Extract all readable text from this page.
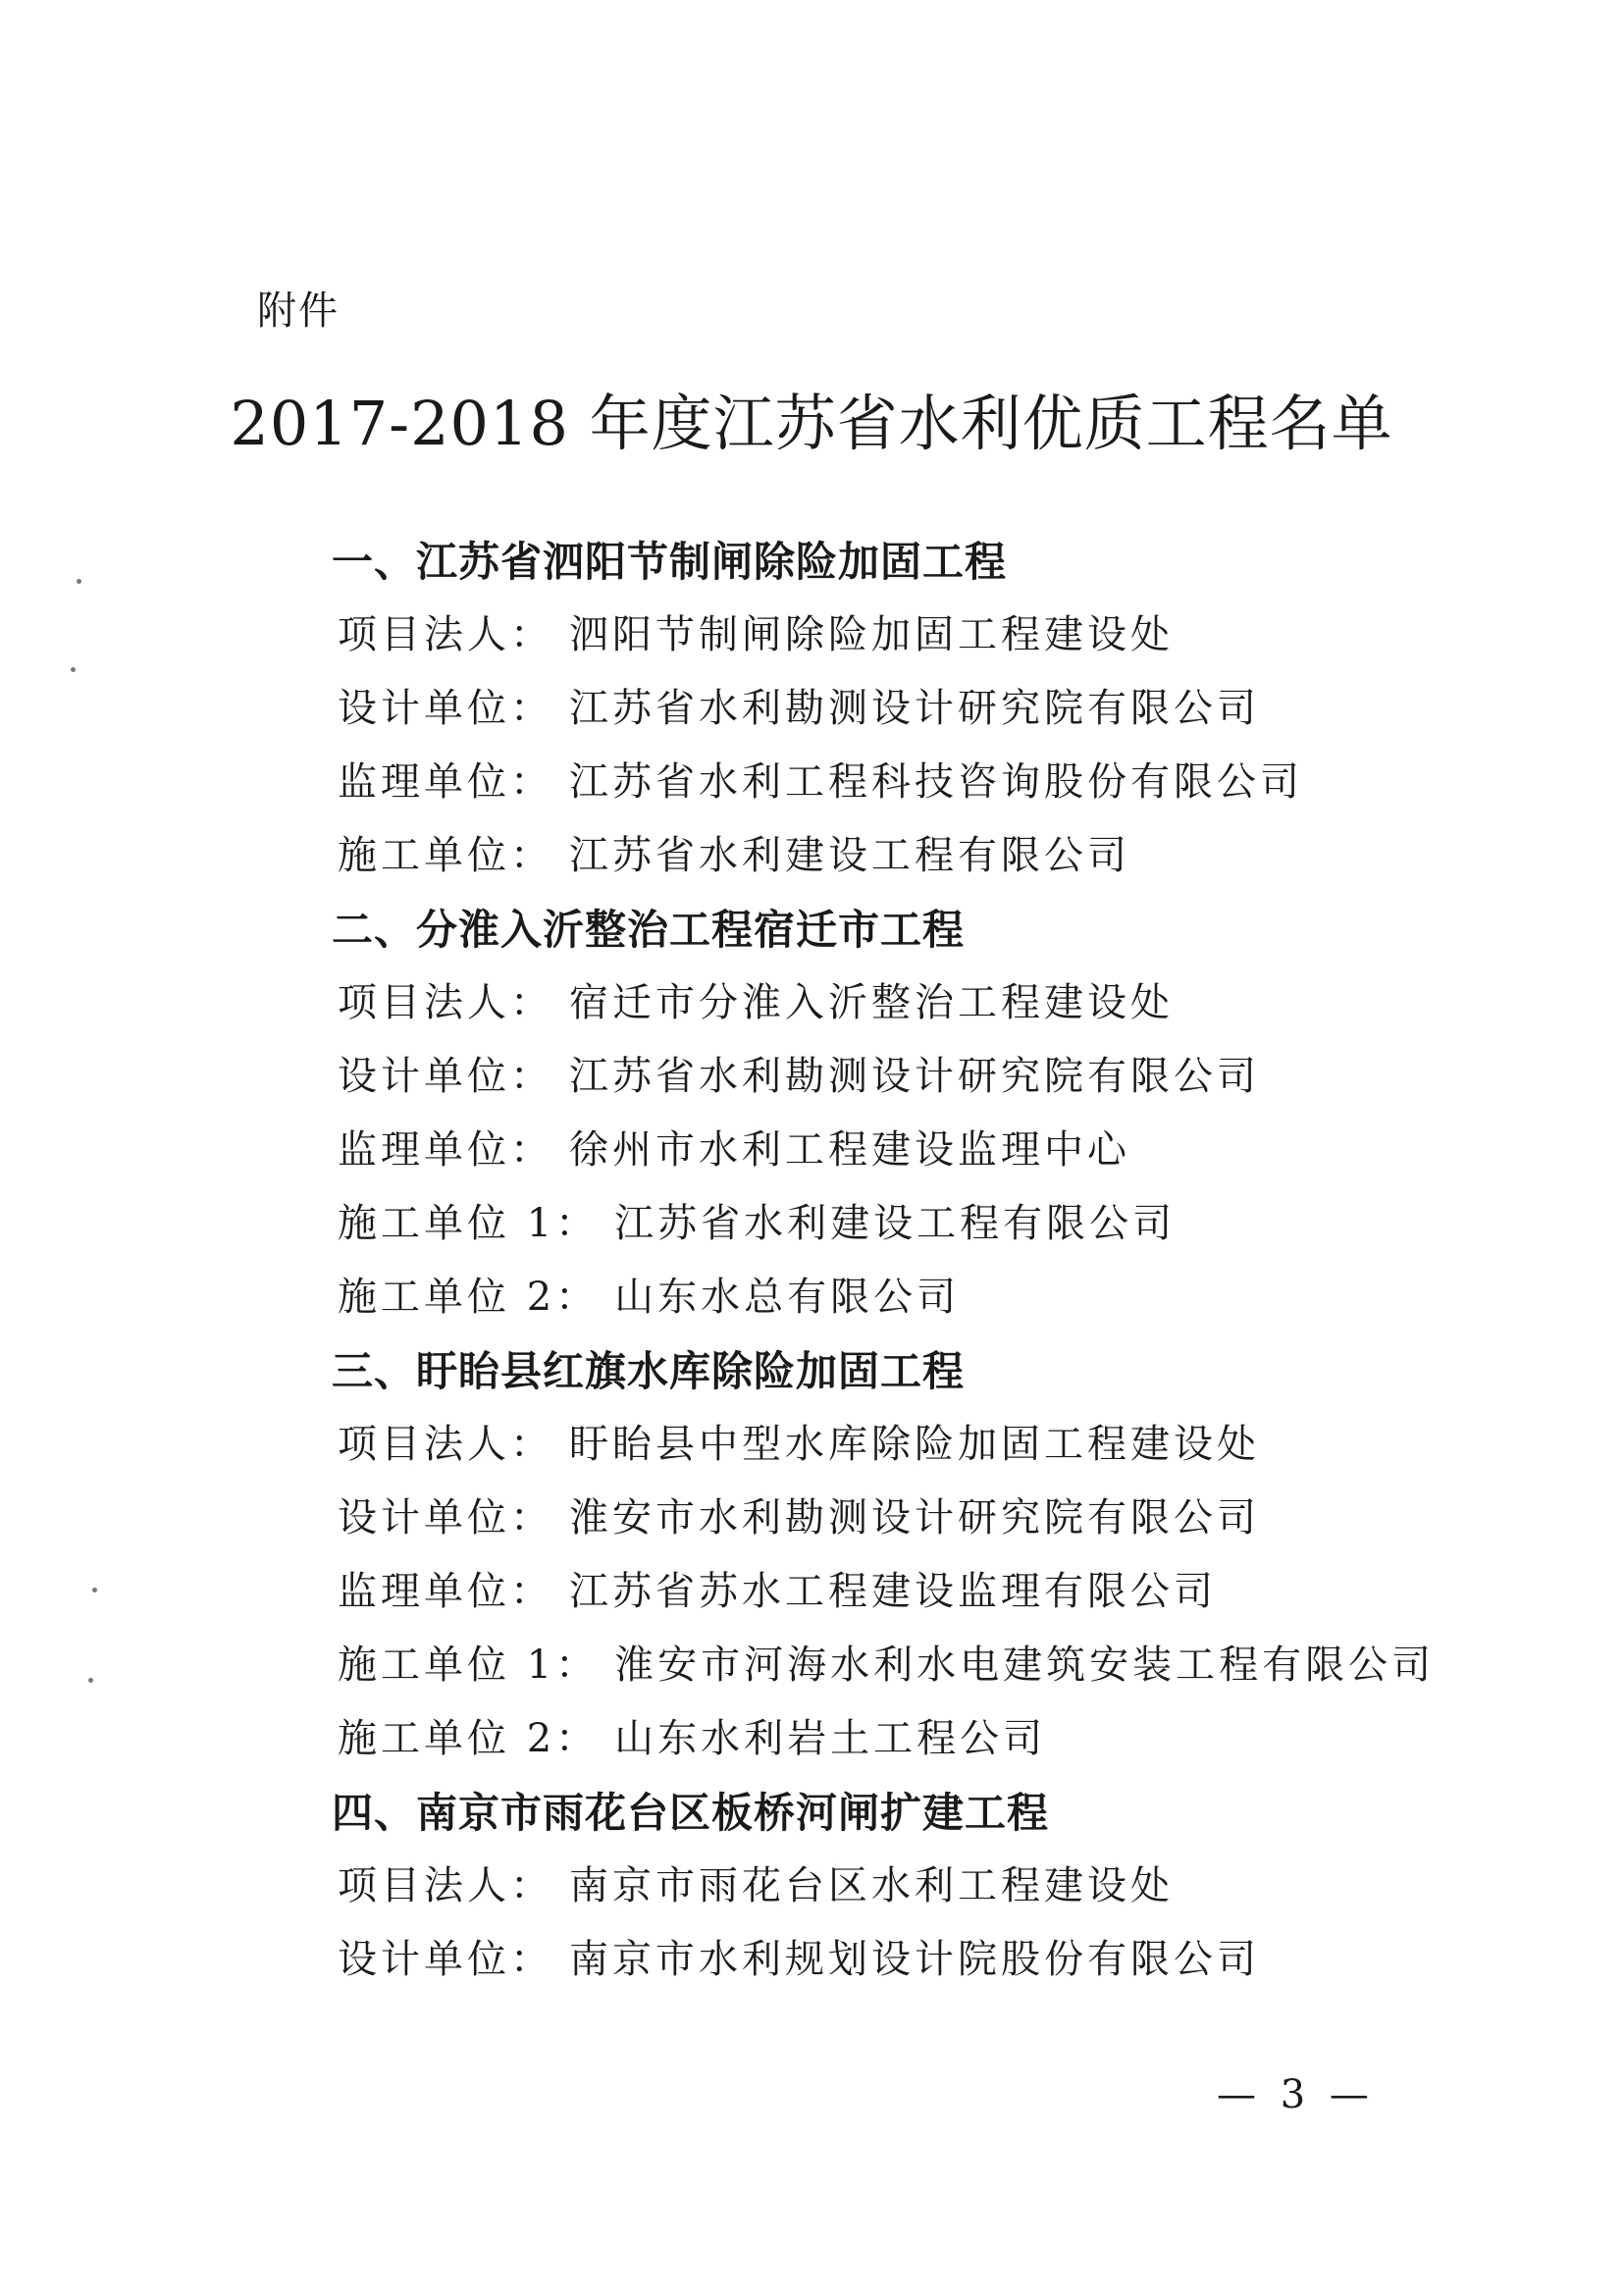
附件
2017-2018 年度江苏省水利优质工程名单
一、江苏省泗阳节制闸除险加固工程
项目法人： 泗阳节制闸除险加固工程建设处
设计单位： 江苏省水利勘测设计研究院有限公司
监理单位： 江苏省水利工程科技咨询股份有限公司
施工单位： 江苏省水利建设工程有限公司
二、分淮入沂整治工程宿迁市工程
项目法人： 宿迁市分淮入沂整治工程建设处
设计单位： 江苏省水利勘测设计研究院有限公司
监理单位： 徐州市水利工程建设监理中心
施工单位 1： 江苏省水利建设工程有限公司
施工单位 2： 山东水总有限公司
三、盱眙县红旗水库除险加固工程
项目法人： 盱眙县中型水库除险加固工程建设处
设计单位： 淮安市水利勘测设计研究院有限公司
监理单位： 江苏省苏水工程建设监理有限公司
施工单位 1： 淮安市河海水利水电建筑安装工程有限公司
施工单位 2： 山东水利岩土工程公司
四、南京市雨花台区板桥河闸扩建工程
项目法人： 南京市雨花台区水利工程建设处
设计单位： 南京市水利规划设计院股份有限公司
— 3 —
